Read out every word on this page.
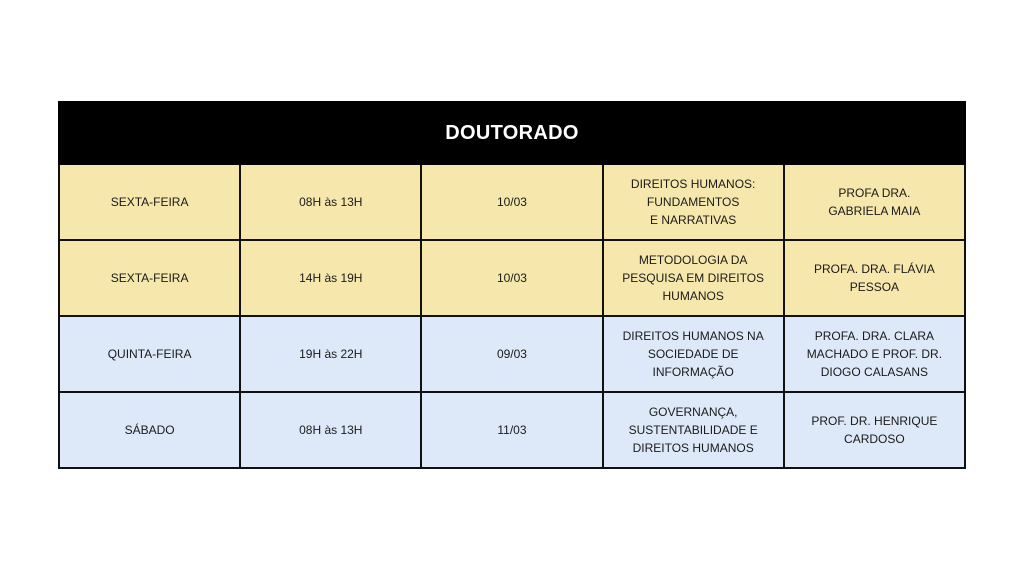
DOUTORADO				
SEXTA-FEIRA	08H às 13H	10/03	DIREITOS HUMANOS:
FUNDAMENTOS
E NARRATIVAS	PROFA DRA.
GABRIELA MAIA
SEXTA-FEIRA	14H às 19H	10/03	METODOLOGIA DA
PESQUISA EM DIREITOS
HUMANOS	PROFA. DRA. FLÁVIA
PESSOA
QUINTA-FEIRA	19H às 22H	09/03	DIREITOS HUMANOS NA
SOCIEDADE DE
INFORMAÇÃO	PROFA. DRA. CLARA
MACHADO E PROF. DR.
DIOGO CALASANS
SÁBADO	08H às 13H	11/03	GOVERNANÇA,
SUSTENTABILIDADE E
DIREITOS HUMANOS	PROF. DR. HENRIQUE
CARDOSO
